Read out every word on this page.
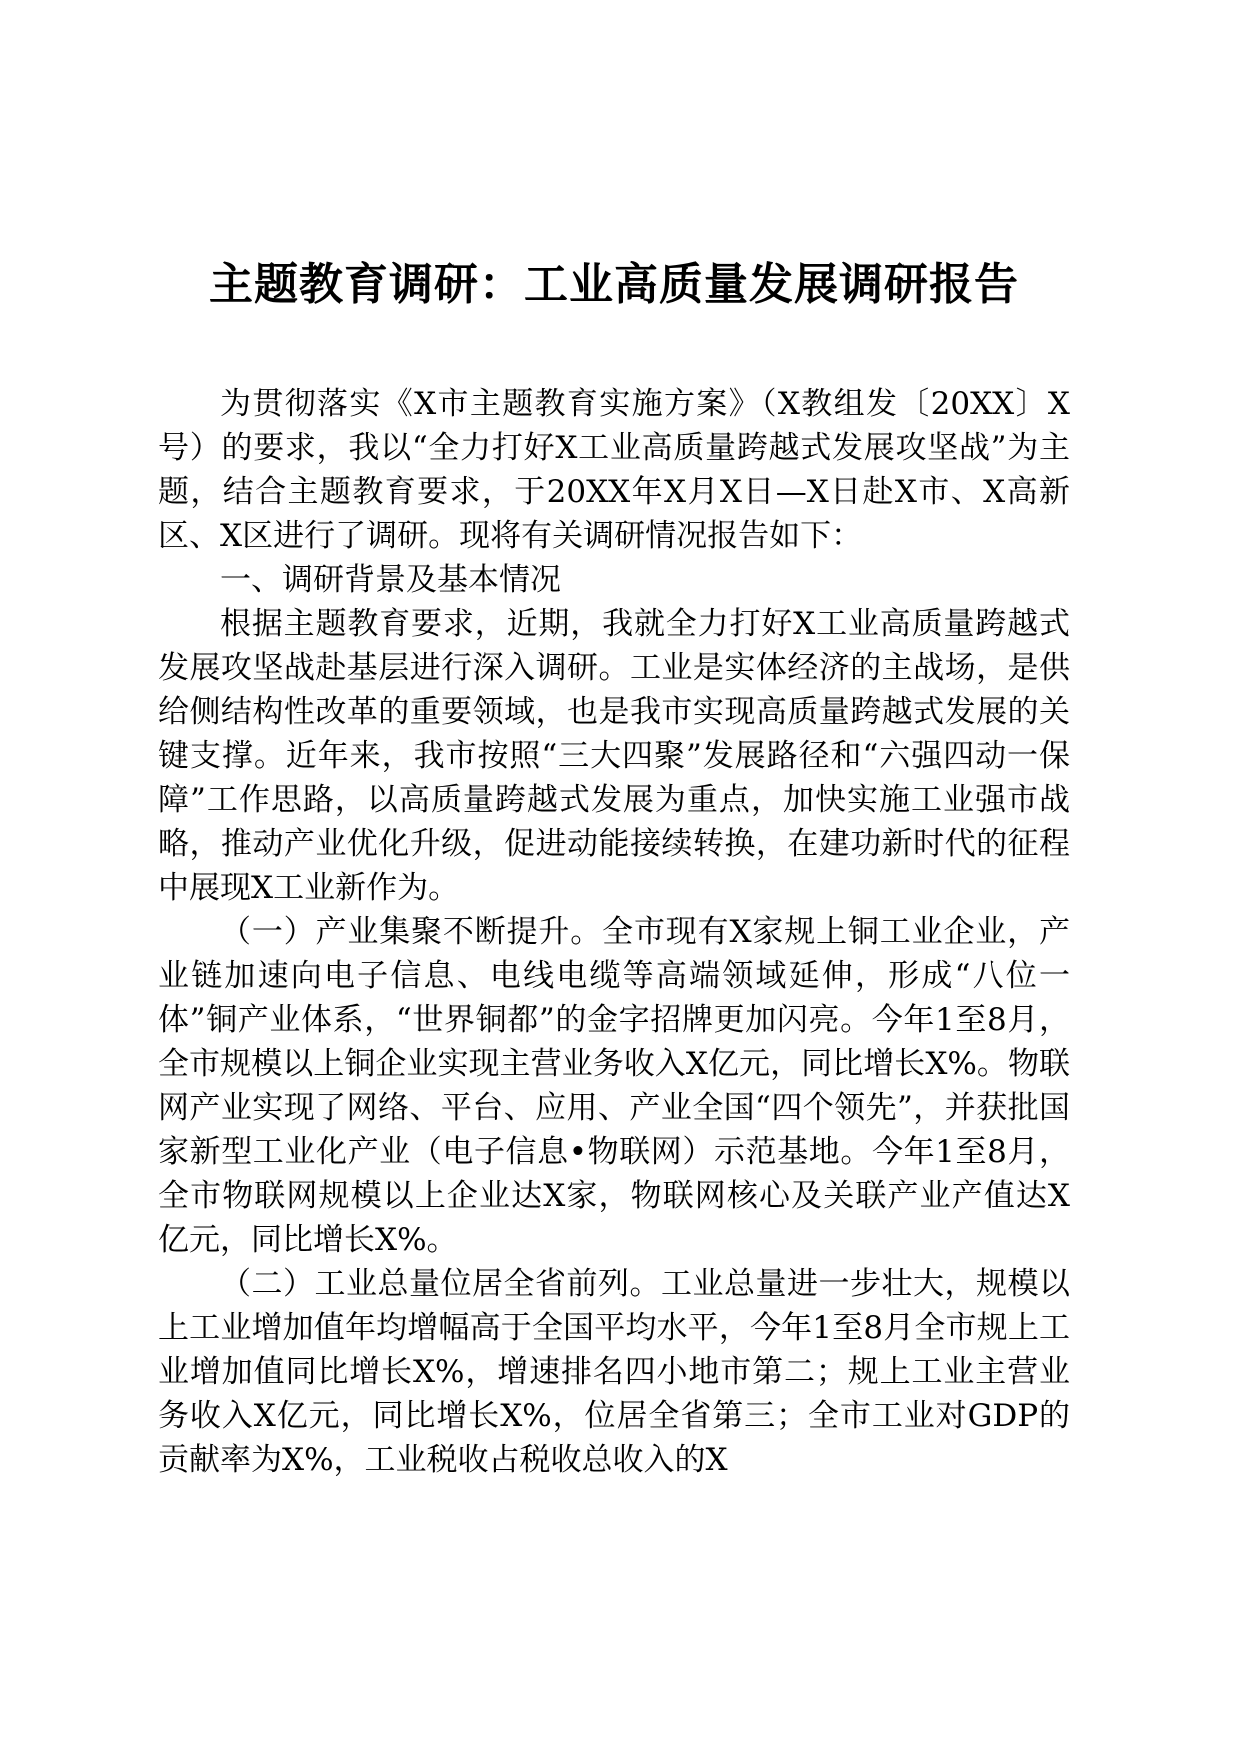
主题教育调研：工业高质量发展调研报告

为贯彻落实《X市主题教育实施方案》（X教组发〔20XX〕X号）的要求，我以“全力打好X工业高质量跨越式发展攻坚战”为主题，结合主题教育要求，于20XX年X月X日—X日赴X市、X高新区、X区进行了调研。现将有关调研情况报告如下：

一、调研背景及基本情况

根据主题教育要求，近期，我就全力打好X工业高质量跨越式发展攻坚战赴基层进行深入调研。工业是实体经济的主战场，是供给侧结构性改革的重要领域，也是我市实现高质量跨越式发展的关键支撑。近年来，我市按照“三大四聚”发展路径和“六强四动一保障”工作思路，以高质量跨越式发展为重点，加快实施工业强市战略，推动产业优化升级，促进动能接续转换，在建功新时代的征程中展现X工业新作为。

（一）产业集聚不断提升。全市现有X家规上铜工业企业，产业链加速向电子信息、电线电缆等高端领域延伸，形成“八位一体”铜产业体系，“世界铜都”的金字招牌更加闪亮。今年1至8月，全市规模以上铜企业实现主营业务收入X亿元，同比增长X%。物联网产业实现了网络、平台、应用、产业全国“四个领先”，并获批国家新型工业化产业（电子信息•物联网）示范基地。今年1至8月，全市物联网规模以上企业达X家，物联网核心及关联产业产值达X亿元，同比增长X%。

（二）工业总量位居全省前列。工业总量进一步壮大，规模以上工业增加值年均增幅高于全国平均水平，今年1至8月全市规上工业增加值同比增长X%，增速排名四小地市第二；规上工业主营业务收入X亿元，同比增长X%，位居全省第三；全市工业对GDP的贡献率为X%，工业税收占税收总收入的X
